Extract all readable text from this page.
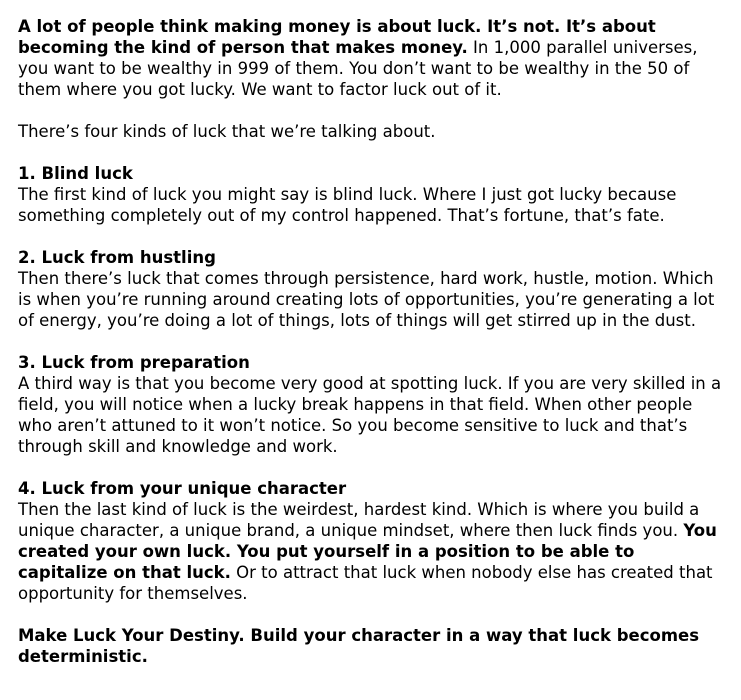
A lot of people think making money is about luck. It’s not. It’s about becoming the kind of person that makes money. In 1,000 parallel universes, you want to be wealthy in 999 of them. You don’t want to be wealthy in the 50 of them where you got lucky. We want to factor luck out of it.

There’s four kinds of luck that we’re talking about.

1. Blind luck
The first kind of luck you might say is blind luck. Where I just got lucky because something completely out of my control happened. That’s fortune, that’s fate.
2. Luck from hustling
Then there’s luck that comes through persistence, hard work, hustle, motion. Which is when you’re running around creating lots of opportunities, you’re generating a lot of energy, you’re doing a lot of things, lots of things will get stirred up in the dust.
3. Luck from preparation
A third way is that you become very good at spotting luck. If you are very skilled in a field, you will notice when a lucky break happens in that field. When other people who aren’t attuned to it won’t notice. So you become sensitive to luck and that’s through skill and knowledge and work.
4. Luck from your unique character
Then the last kind of luck is the weirdest, hardest kind. Which is where you build a unique character, a unique brand, a unique mindset, where then luck finds you. You created your own luck. You put yourself in a position to be able to capitalize on that luck. Or to attract that luck when nobody else has created that opportunity for themselves.

Make Luck Your Destiny. Build your character in a way that luck becomes deterministic.
